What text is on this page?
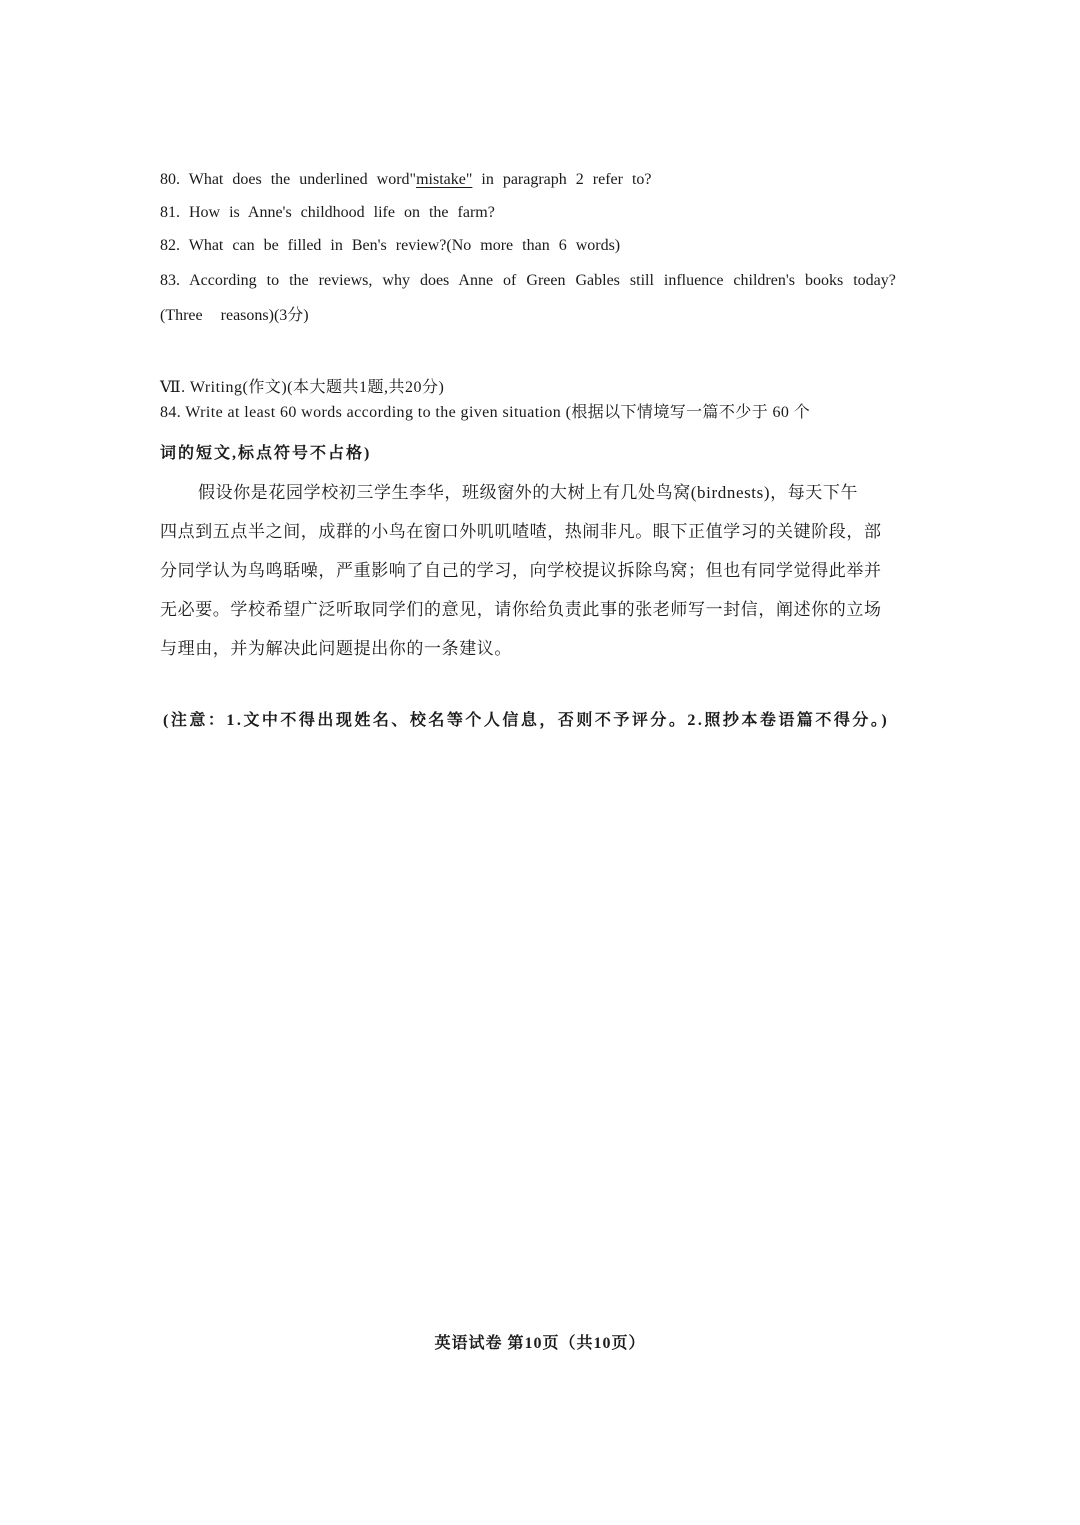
80. What does the underlined word"mistake" in paragraph 2 refer to?
81. How is Anne's childhood life on the farm?
82. What can be filled in Ben's review?(No more than 6 words)
83. According to the reviews, why does Anne of Green Gables still influence children's books today?
(Three reasons)(3分)
Ⅶ. Writing(作文)(本大题共1题,共20分)
84. Write at least 60 words according to the given situation (根据以下情境写一篇不少于 60 个
词的短文,标点符号不占格)
假设你是花园学校初三学生李华，班级窗外的大树上有几处鸟窝(birdnests)，每天下午
四点到五点半之间，成群的小鸟在窗口外叽叽喳喳，热闹非凡。眼下正值学习的关键阶段，部
分同学认为鸟鸣聒噪，严重影响了自己的学习，向学校提议拆除鸟窝；但也有同学觉得此举并
无必要。学校希望广泛听取同学们的意见，请你给负责此事的张老师写一封信，阐述你的立场
与理由，并为解决此问题提出你的一条建议。
(注意：1.文中不得出现姓名、校名等个人信息，否则不予评分。2.照抄本卷语篇不得分。)
英语试卷 第10页（共10页）
